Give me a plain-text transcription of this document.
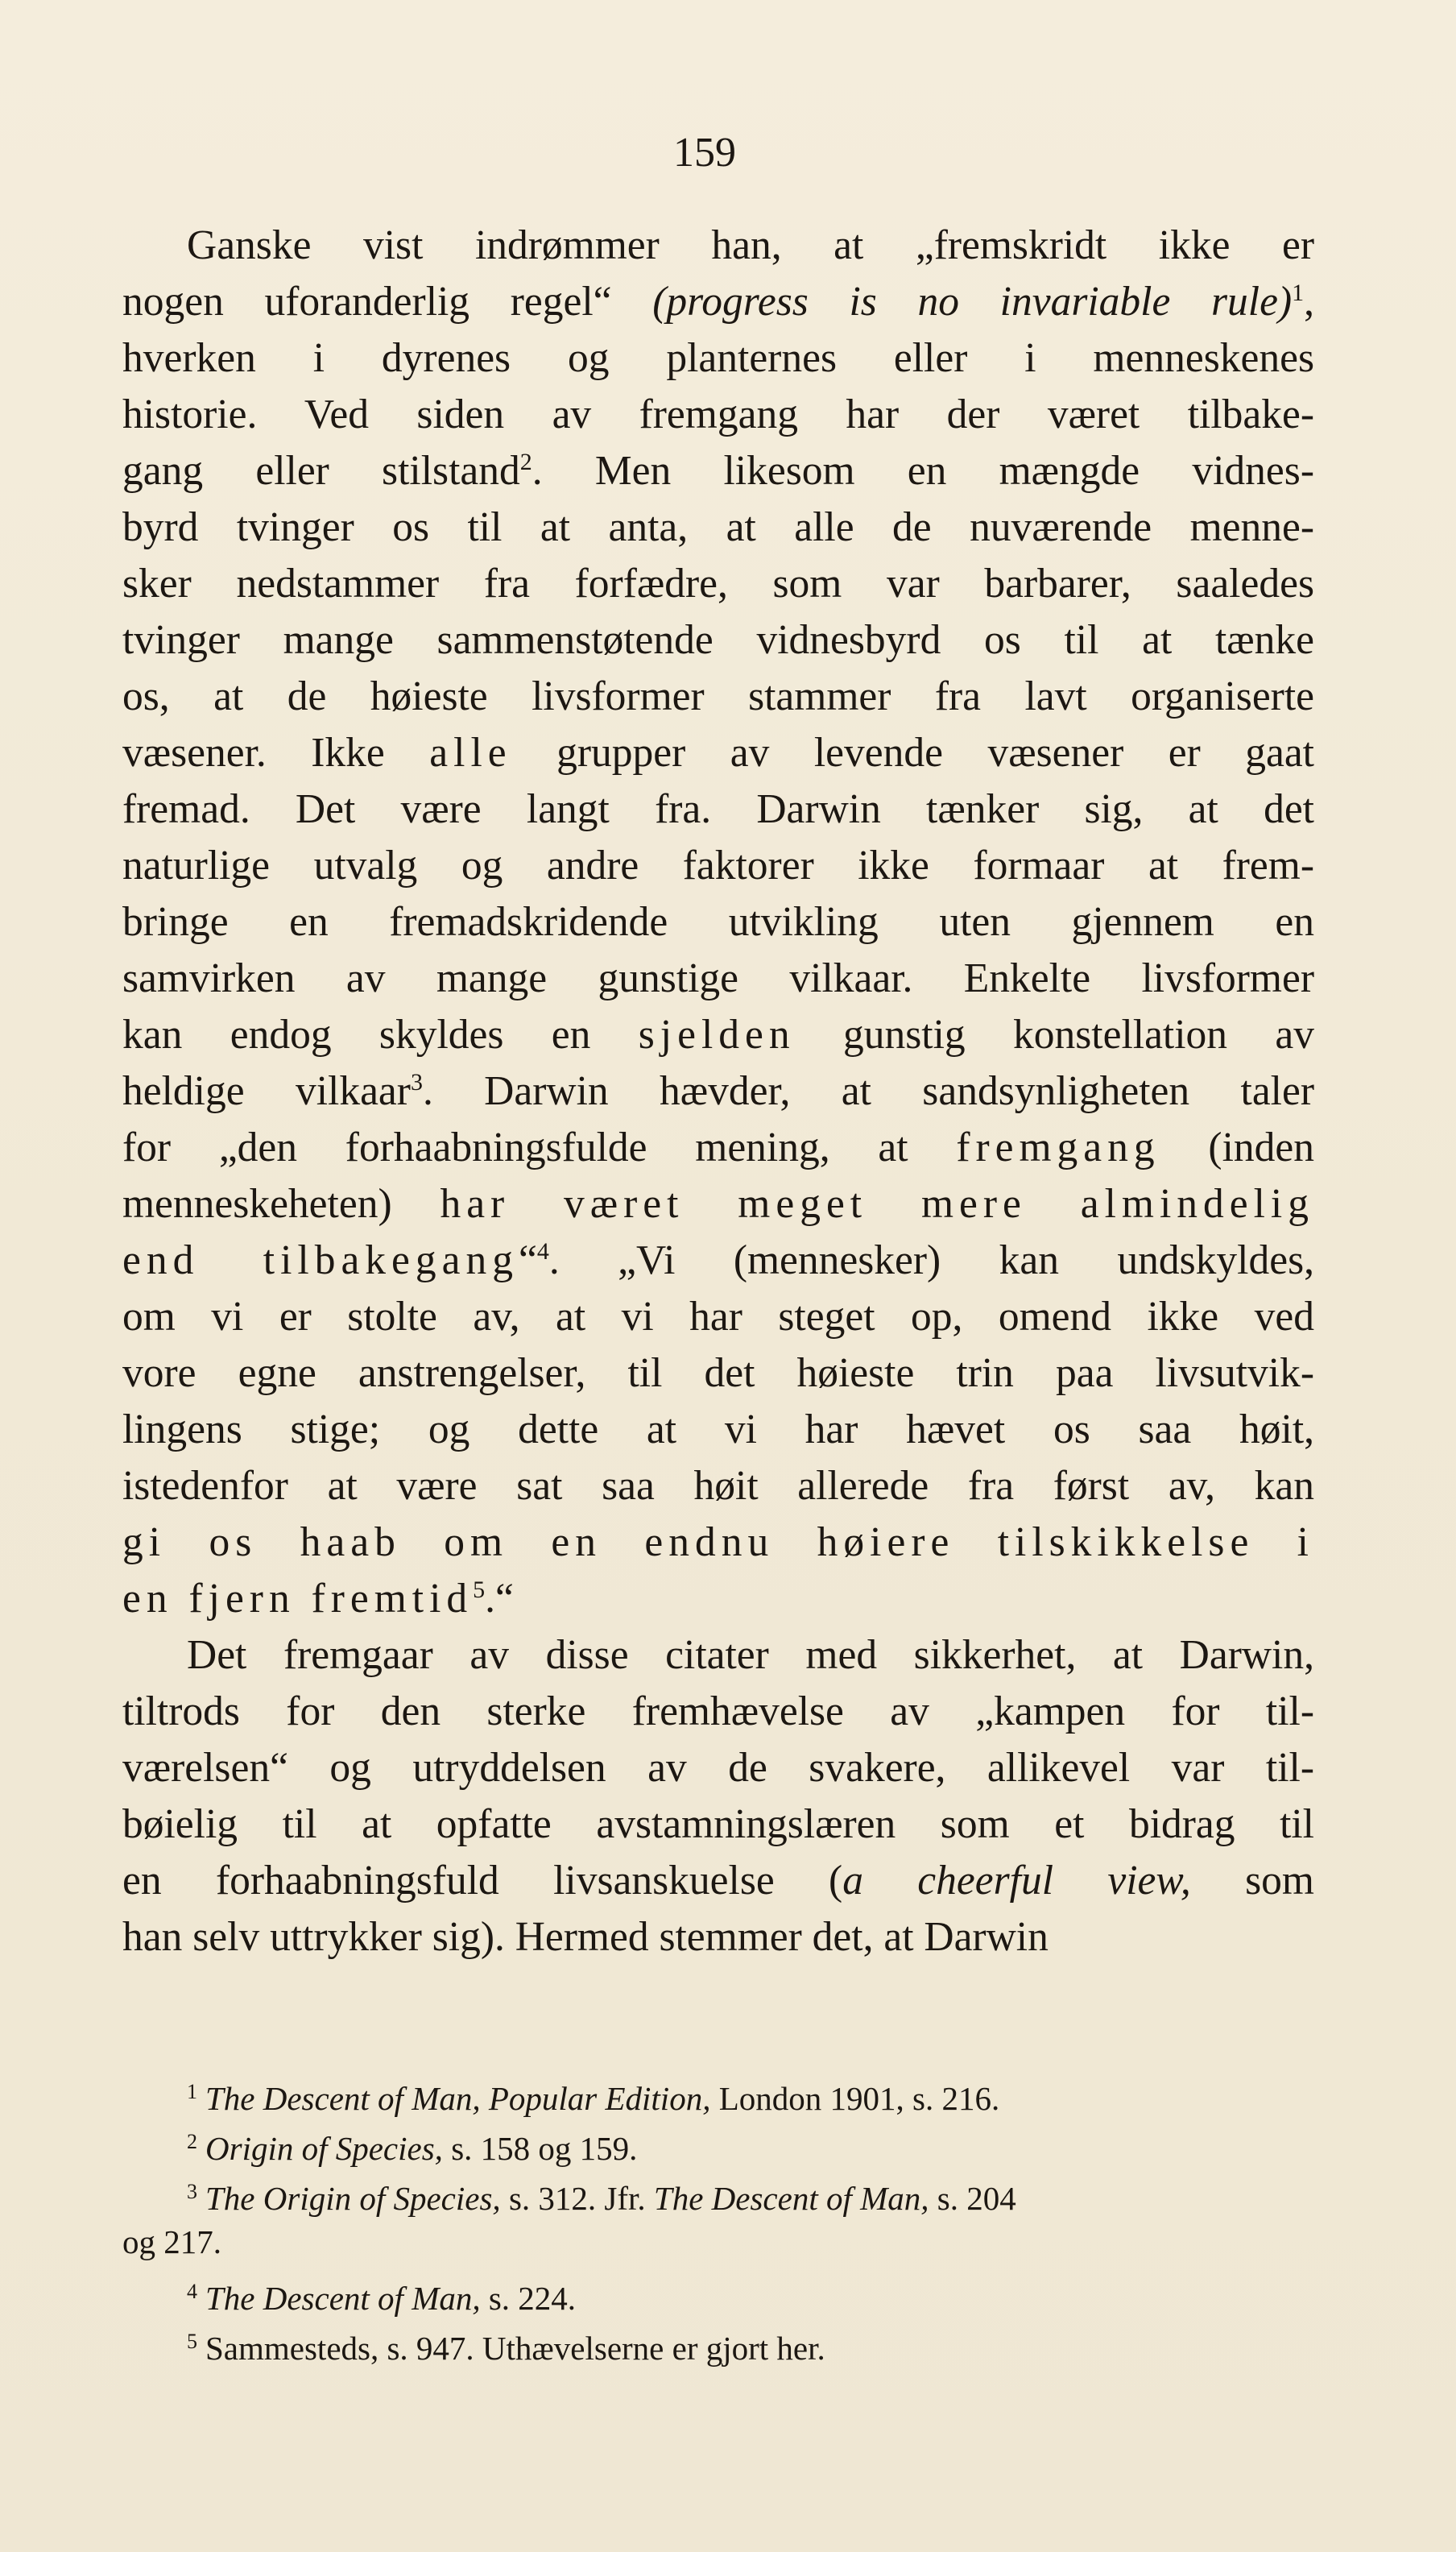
159
Ganske vist indrømmer han, at „fremskridt ikke er
nogen uforanderlig regel“ (progress is no invariable rule)$^1$,
hverken i dyrenes og planternes eller i menneskenes
historie. Ved siden av fremgang har der været tilbake-
gang eller stilstand$^2$. Men likesom en mængde vidnes-
byrd tvinger os til at anta, at alle de nuværende menne-
sker nedstammer fra forfædre, som var barbarer, saaledes
tvinger mange sammenstøtende vidnesbyrd os til at tænke
os, at de høieste livsformer stammer fra lavt organiserte
væsener. Ikke alle grupper av levende væsener er gaat
fremad. Det være langt fra. Darwin tænker sig, at det
naturlige utvalg og andre faktorer ikke formaar at frem-
bringe en fremadskridende utvikling uten gjennem en
samvirken av mange gunstige vilkaar. Enkelte livsformer
kan endog skyldes en sjelden gunstig konstellation av
heldige vilkaar$^3$. Darwin hævder, at sandsynligheten taler
for „den forhaabningsfulde mening, at fremgang (inden
menneskeheten) har været meget mere almindelig
end tilbakegang“$^4$. „Vi (mennesker) kan undskyldes,
om vi er stolte av, at vi har steget op, omend ikke ved
vore egne anstrengelser, til det høieste trin paa livsutvik-
lingens stige; og dette at vi har hævet os saa høit,
istedenfor at være sat saa høit allerede fra først av, kan
gi os haab om en endnu høiere tilskikkelse i
en fjern fremtid$^5$.“
Det fremgaar av disse citater med sikkerhet, at Darwin,
tiltrods for den sterke fremhævelse av „kampen for til-
værelsen“ og utryddelsen av de svakere, allikevel var til-
bøielig til at opfatte avstamningslæren som et bidrag til
en forhaabningsfuld livsanskuelse (a cheerful view, som
han selv uttrykker sig). Hermed stemmer det, at Darwin
$^1$ The Descent of Man, Popular Edition, London 1901, s. 216.
$^2$ Origin of Species, s. 158 og 159.
$^3$ The Origin of Species, s. 312. Jfr. The Descent of Man, s. 204
og 217.
$^4$ The Descent of Man, s. 224.
$^5$ Sammesteds, s. 947. Uthævelserne er gjort her.
